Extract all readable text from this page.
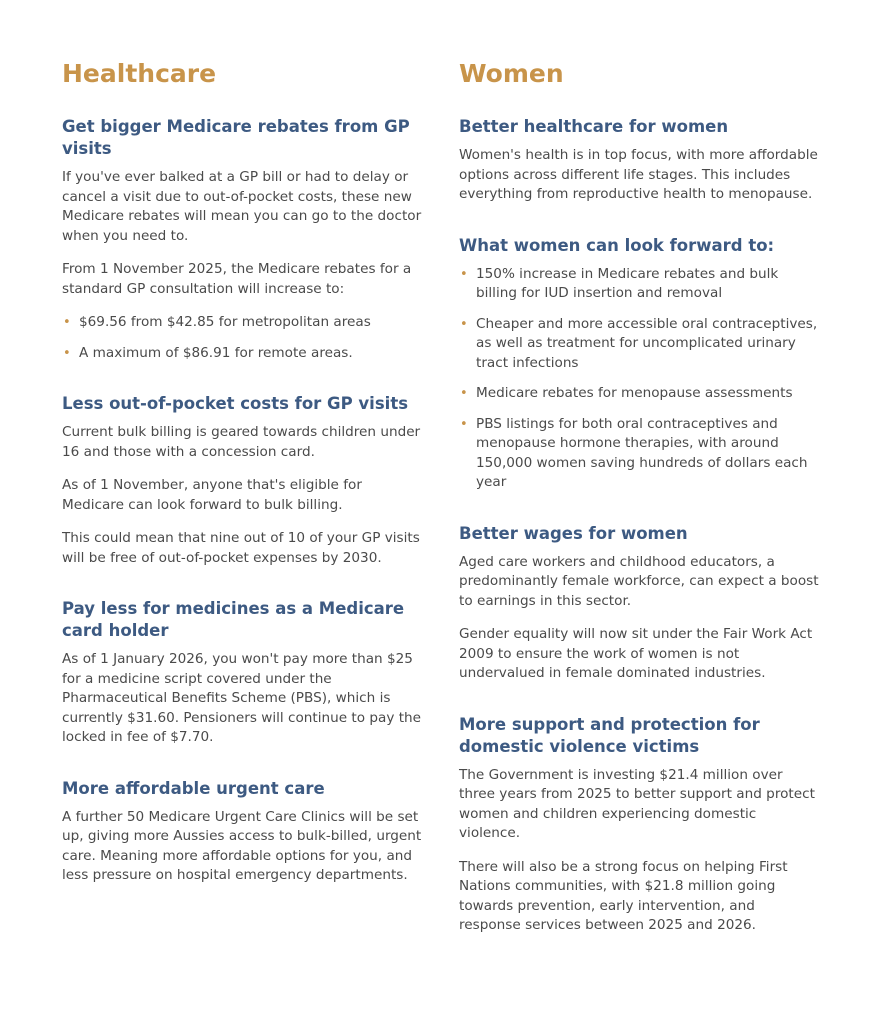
Healthcare
Get bigger Medicare rebates from GP visits

If you've ever balked at a GP bill or had to delay or cancel a visit due to out-of-pocket costs, these new Medicare rebates will mean you can go to the doctor when you need to.

From 1 November 2025, the Medicare rebates for a standard GP consultation will increase to:

• $69.56 from $42.85 for metropolitan areas
• A maximum of $86.91 for remote areas.
Less out-of-pocket costs for GP visits

Current bulk billing is geared towards children under 16 and those with a concession card.

As of 1 November, anyone that's eligible for Medicare can look forward to bulk billing.

This could mean that nine out of 10 of your GP visits will be free of out-of-pocket expenses by 2030.

Pay less for medicines as a Medicare card holder

As of 1 January 2026, you won't pay more than $25 for a medicine script covered under the Pharmaceutical Benefits Scheme (PBS), which is currently $31.60. Pensioners will continue to pay the locked in fee of $7.70.

More affordable urgent care

A further 50 Medicare Urgent Care Clinics will be set up, giving more Aussies access to bulk-billed, urgent care. Meaning more affordable options for you, and less pressure on hospital emergency departments.

Women
Better healthcare for women

Women's health is in top focus, with more affordable options across different life stages. This includes everything from reproductive health to menopause.

What women can look forward to:
• 150% increase in Medicare rebates and bulk billing for IUD insertion and removal
• Cheaper and more accessible oral contraceptives, as well as treatment for uncomplicated urinary tract infections
• Medicare rebates for menopause assessments
• PBS listings for both oral contraceptives and menopause hormone therapies, with around 150,000 women saving hundreds of dollars each year
Better wages for women

Aged care workers and childhood educators, a predominantly female workforce, can expect a boost to earnings in this sector.

Gender equality will now sit under the Fair Work Act 2009 to ensure the work of women is not undervalued in female dominated industries.

More support and protection for domestic violence victims

The Government is investing $21.4 million over three years from 2025 to better support and protect women and children experiencing domestic violence.

There will also be a strong focus on helping First Nations communities, with $21.8 million going towards prevention, early intervention, and response services between 2025 and 2026.
